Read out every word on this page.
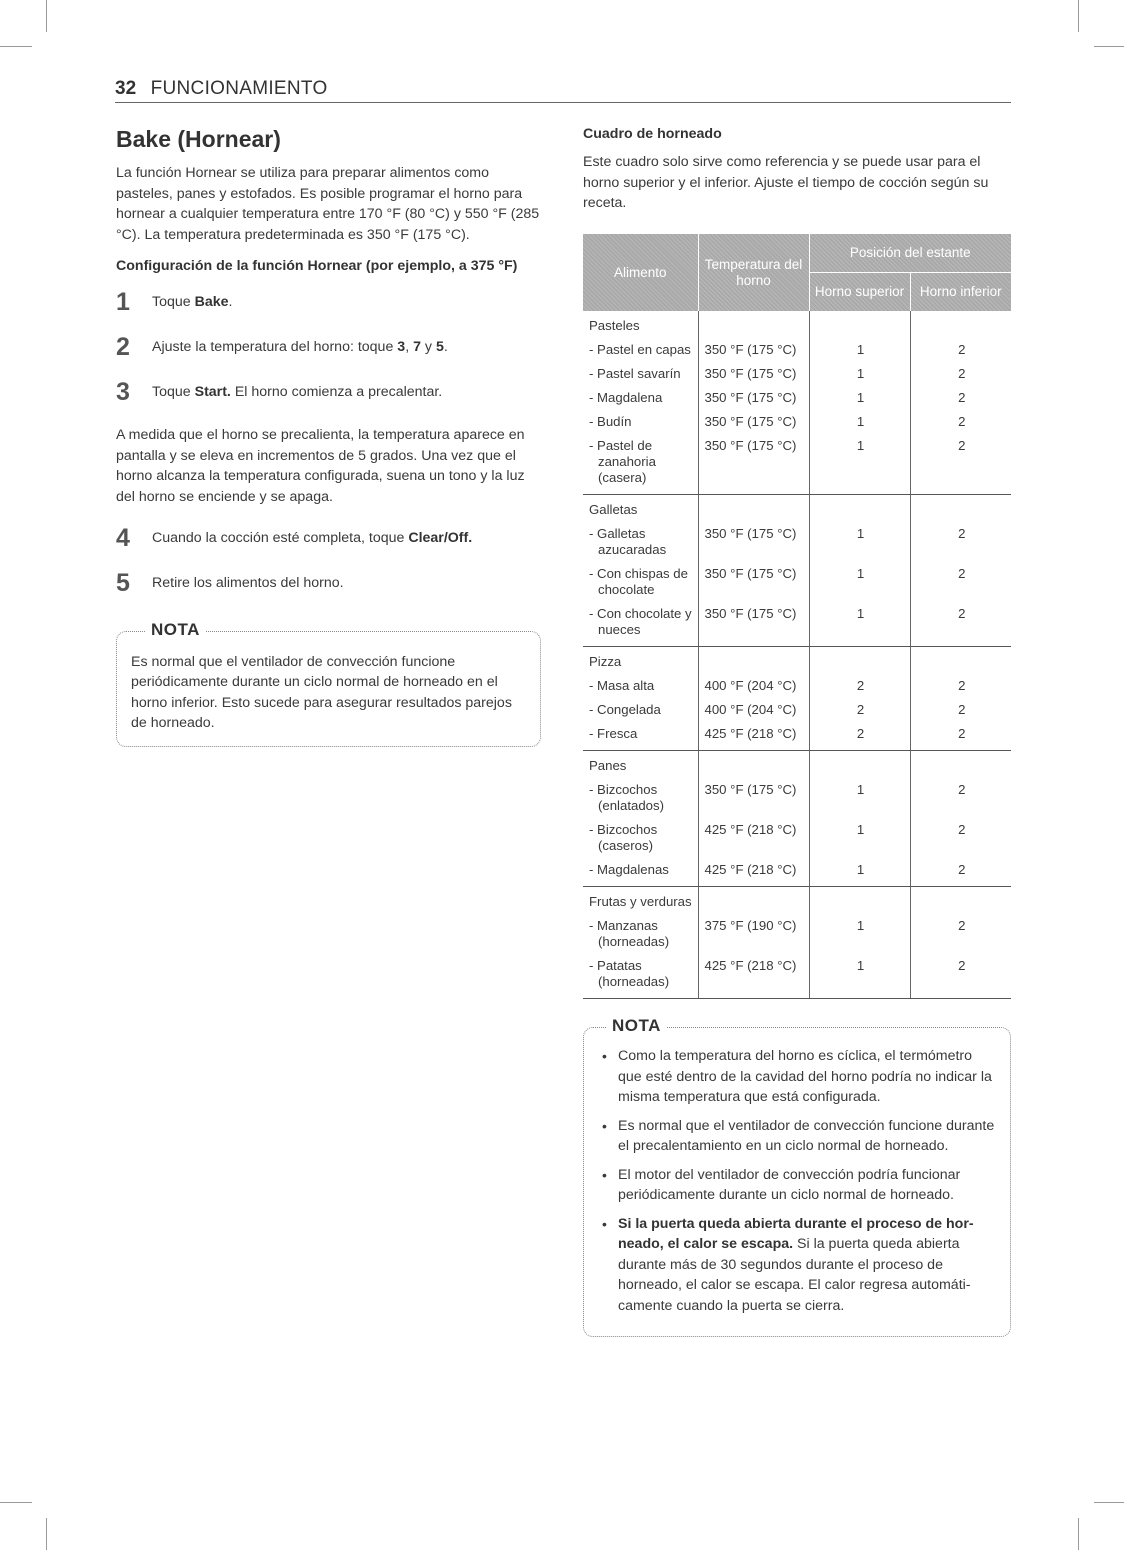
32 FUNCIONAMIENTO
Bake (Hornear)

La función Hornear se utiliza para preparar alimentos como pasteles, panes y estofados. Es posible programar el horno para hornear a cualquier temperatura entre 170 °F (80 °C) y 550 °F (285 °C). La temperatura predeterminada es 350 °F (175 °C).

Configuración de la función Hornear (por ejemplo, a 375 °F)
1 Toque Bake.
2 Ajuste la temperatura del horno: toque 3, 7 y 5.
3 Toque Start. El horno comienza a precalentar.

A medida que el horno se precalienta, la temperatura aparece en pantalla y se eleva en incrementos de 5 grados. Una vez que el horno alcanza la temperatura configurada, suena un tono y la luz del horno se enciende y se apaga.

4 Cuando la cocción esté completa, toque Clear/Off.
5 Retire los alimentos del horno.
NOTA
Es normal que el ventilador de convección funcione periódicamente durante un ciclo normal de horneado en el horno inferior. Esto sucede para asegurar resultados parejos de horneado.
Cuadro de horneado

Este cuadro solo sirve como referencia y se puede usar para el horno superior y el inferior. Ajuste el tiempo de cocción según su receta.

Alimento	Temperatura del horno	Posición del estante	
		Horno superior	Horno inferior
Pasteles			

- Pastel en capas	350 °F (175 °C)	1	2

- Pastel savarín	350 °F (175 °C)	1	2

- Magdalena	350 °F (175 °C)	1	2

- Budín	350 °F (175 °C)	1	2

- Pastel de zanahoria (casera)	350 °F (175 °C)	1	2
Galletas			

- Galletas azucaradas	350 °F (175 °C)	1	2

- Con chispas de chocolate	350 °F (175 °C)	1	2

- Con chocolate y nueces	350 °F (175 °C)	1	2
Pizza			

- Masa alta	400 °F (204 °C)	2	2

- Congelada	400 °F (204 °C)	2	2

- Fresca	425 °F (218 °C)	2	2
Panes			

- Bizcochos (enlatados)	350 °F (175 °C)	1	2

- Bizcochos (caseros)	425 °F (218 °C)	1	2

- Magdalenas	425 °F (218 °C)	1	2
Frutas y verduras			

- Manzanas (horneadas)	375 °F (190 °C)	1	2

- Patatas (horneadas)	425 °F (218 °C)	1	2
NOTA
• Como la temperatura del horno es cíclica, el termómetro que esté dentro de la cavidad del horno podría no indicar la misma temperatura que está configurada.
• Es normal que el ventilador de convección funcione durante el precalentamiento en un ciclo normal de horneado.
• El motor del ventilador de convección podría funcionar periódicamente durante un ciclo normal de horneado.
• Si la puerta queda abierta durante el proceso de hor-neado, el calor se escapa. Si la puerta queda abierta durante más de 30 segundos durante el proceso de horneado, el calor se escapa. El calor regresa automáti-camente cuando la puerta se cierra.
